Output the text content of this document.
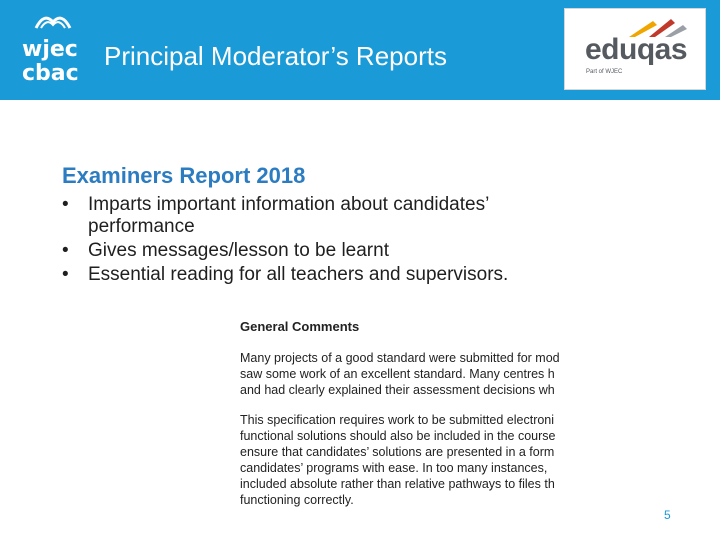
wjec
cbac
Principal Moderator’s Reports	eduqas
Part of WJEC
Examiners Report 2018
• Imparts important information about candidates’
performance
• Gives messages/lesson to be learnt
• Essential reading for all teachers and supervisors.
General Comments
Many projects of a good standard were submitted for mod
saw some work of an excellent standard. Many centres h
and had clearly explained their assessment decisions wh
This specification requires work to be submitted electroni
functional solutions should also be included in the course
ensure that candidates’ solutions are presented in a form
candidates’ programs with ease. In too many instances,
included absolute rather than relative pathways to files th
functioning correctly.
5
